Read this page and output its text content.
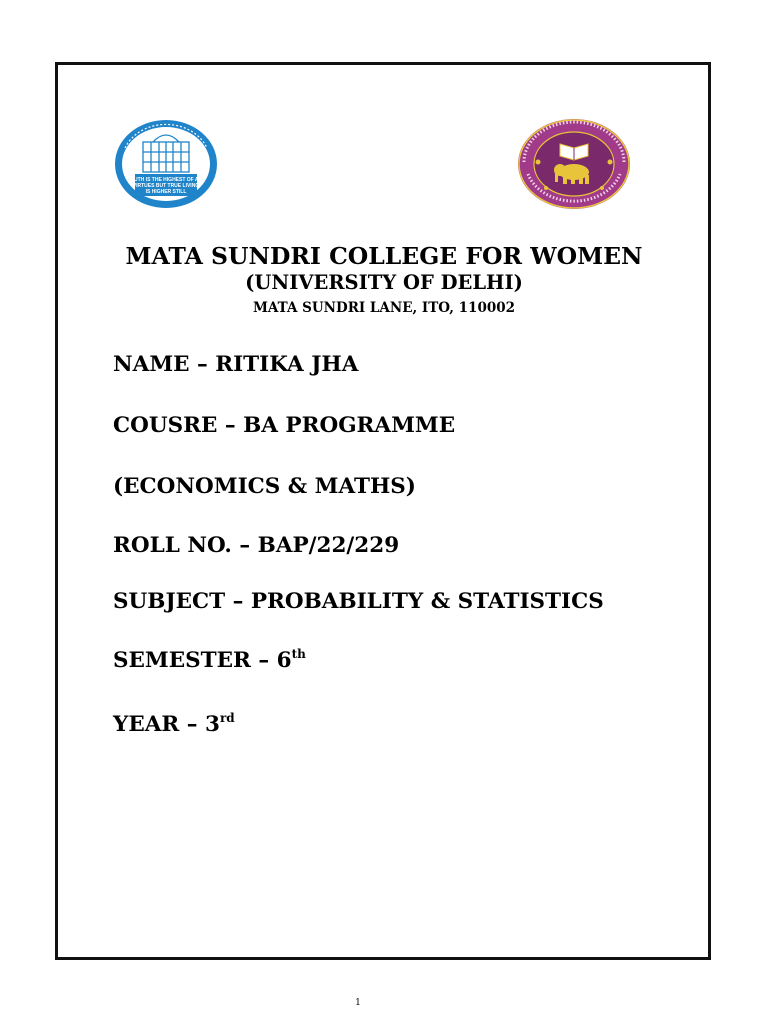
TRUTH IS THE HIGHEST OF ALL
VIRTUES BUT TRUE LIVING
IS HIGHER STILL
MATA SUNDRI COLLEGE FOR WOMEN
(UNIVERSITY OF DELHI)
MATA SUNDRI LANE, ITO, 110002
NAME – RITIKA JHA
COUSRE – BA PROGRAMME
(ECONOMICS & MATHS)
ROLL NO. – BAP/22/229
SUBJECT – PROBABILITY & STATISTICS
SEMESTER – 6th
YEAR – 3rd
1
